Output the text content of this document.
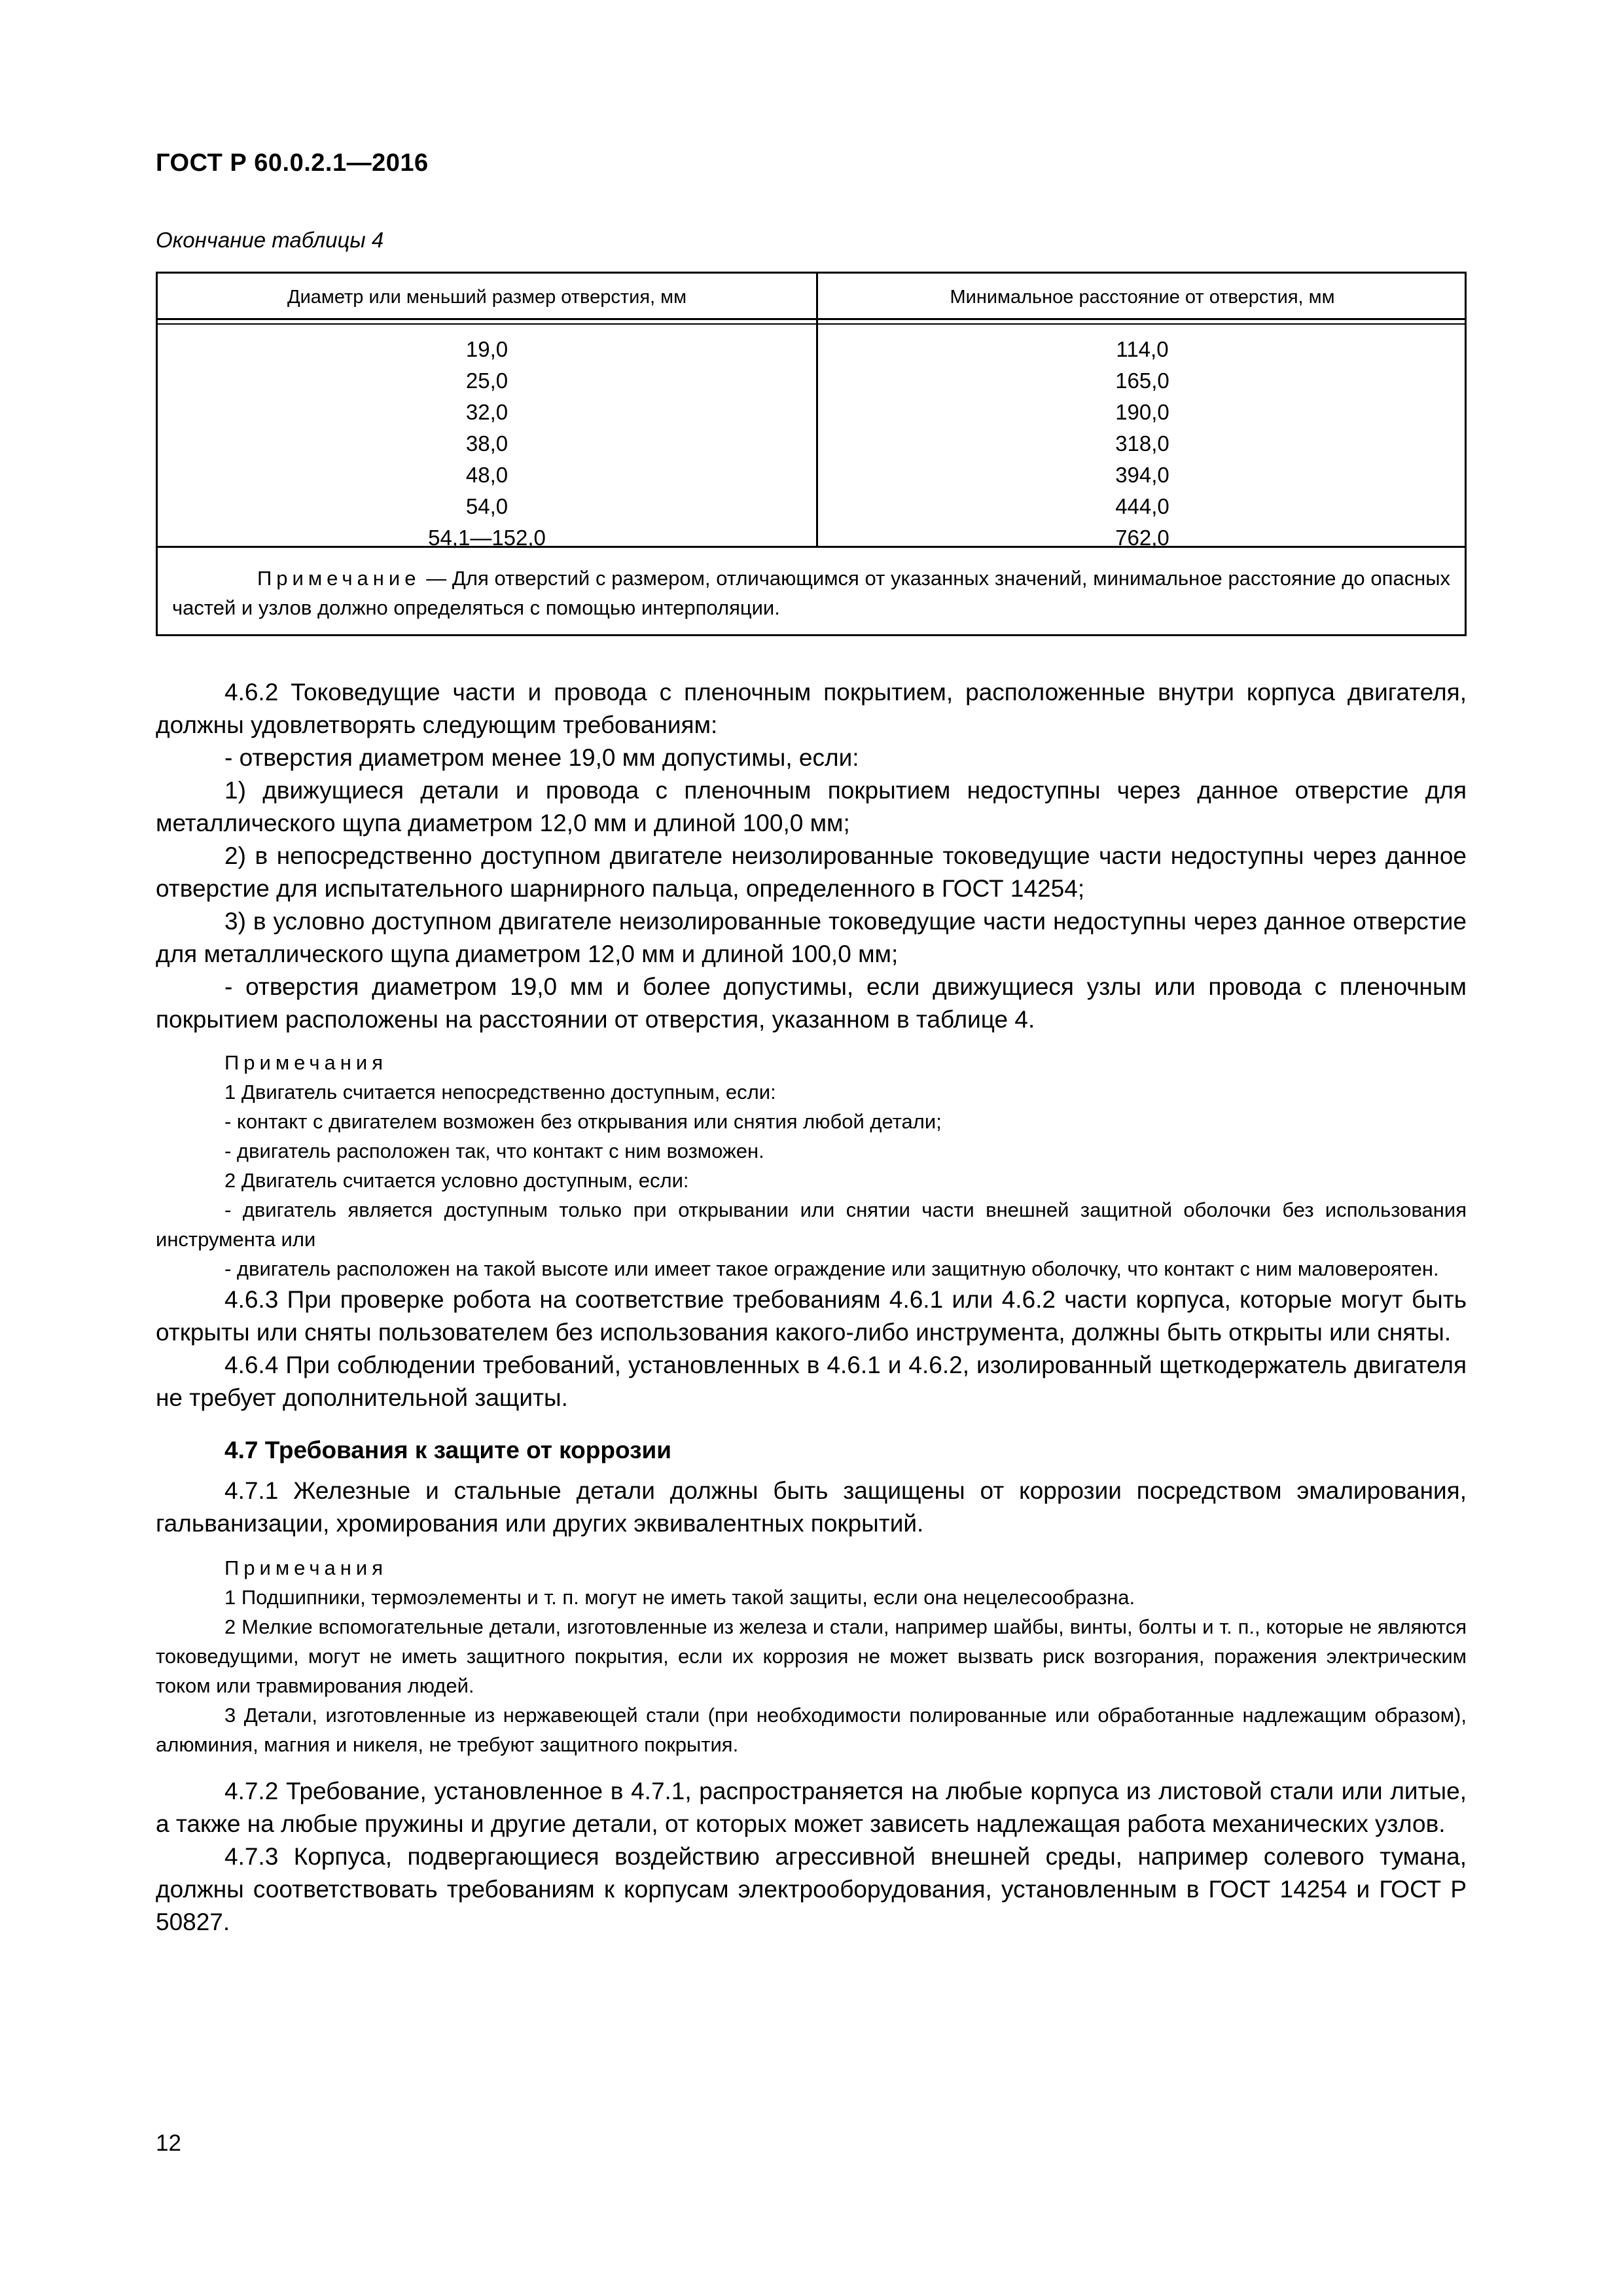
ГОСТ Р 60.0.2.1—2016
Окончание таблицы 4
Диаметр или меньший размер отверстия, мм	Минимальное расстояние от отверстия, мм
19,0
25,0
32,0
38,0
48,0
54,0
54,1—152,0
114,0
165,0
190,0
318,0
394,0
444,0
762,0
Примечание — Для отверстий с размером, отличающимся от указанных значений, минимальное расстояние до опасных частей и узлов должно определяться с помощью интерполяции.

4.6.2 Токоведущие части и провода с пленочным покрытием, расположенные внутри корпуса двигателя, должны удовлетворять следующим требованиям:

- отверстия диаметром менее 19,0 мм допустимы, если:

1) движущиеся детали и провода с пленочным покрытием недоступны через данное отверстие для металлического щупа диаметром 12,0 мм и длиной 100,0 мм;

2) в непосредственно доступном двигателе неизолированные токоведущие части недоступны через данное отверстие для испытательного шарнирного пальца, определенного в ГОСТ 14254;

3) в условно доступном двигателе неизолированные токоведущие части недоступны через данное отверстие для металлического щупа диаметром 12,0 мм и длиной 100,0 мм;

- отверстия диаметром 19,0 мм и более допустимы, если движущиеся узлы или провода с пленочным покрытием расположены на расстоянии от отверстия, указанном в таблице 4.

Примечания

1 Двигатель считается непосредственно доступным, если:

- контакт с двигателем возможен без открывания или снятия любой детали;

- двигатель расположен так, что контакт с ним возможен.

2 Двигатель считается условно доступным, если:

- двигатель является доступным только при открывании или снятии части внешней защитной оболочки без использования инструмента или

- двигатель расположен на такой высоте или имеет такое ограждение или защитную оболочку, что контакт с ним маловероятен.

4.6.3 При проверке робота на соответствие требованиям 4.6.1 или 4.6.2 части корпуса, которые могут быть открыты или сняты пользователем без использования какого-либо инструмента, должны быть открыты или сняты.

4.6.4 При соблюдении требований, установленных в 4.6.1 и 4.6.2, изолированный щеткодержатель двигателя не требует дополнительной защиты.

4.7 Требования к защите от коррозии

4.7.1 Железные и стальные детали должны быть защищены от коррозии посредством эмалирования, гальванизации, хромирования или других эквивалентных покрытий.

Примечания

1 Подшипники, термоэлементы и т. п. могут не иметь такой защиты, если она нецелесообразна.

2 Мелкие вспомогательные детали, изготовленные из железа и стали, например шайбы, винты, болты и т. п., которые не являются токоведущими, могут не иметь защитного покрытия, если их коррозия не может вызвать риск возгорания, поражения электрическим током или травмирования людей.

3 Детали, изготовленные из нержавеющей стали (при необходимости полированные или обработанные надлежащим образом), алюминия, магния и никеля, не требуют защитного покрытия.

4.7.2 Требование, установленное в 4.7.1, распространяется на любые корпуса из листовой стали или литые, а также на любые пружины и другие детали, от которых может зависеть надлежащая работа механических узлов.

4.7.3 Корпуса, подвергающиеся воздействию агрессивной внешней среды, например солевого тумана, должны соответствовать требованиям к корпусам электрооборудования, установленным в ГОСТ 14254 и ГОСТ Р 50827.

12
